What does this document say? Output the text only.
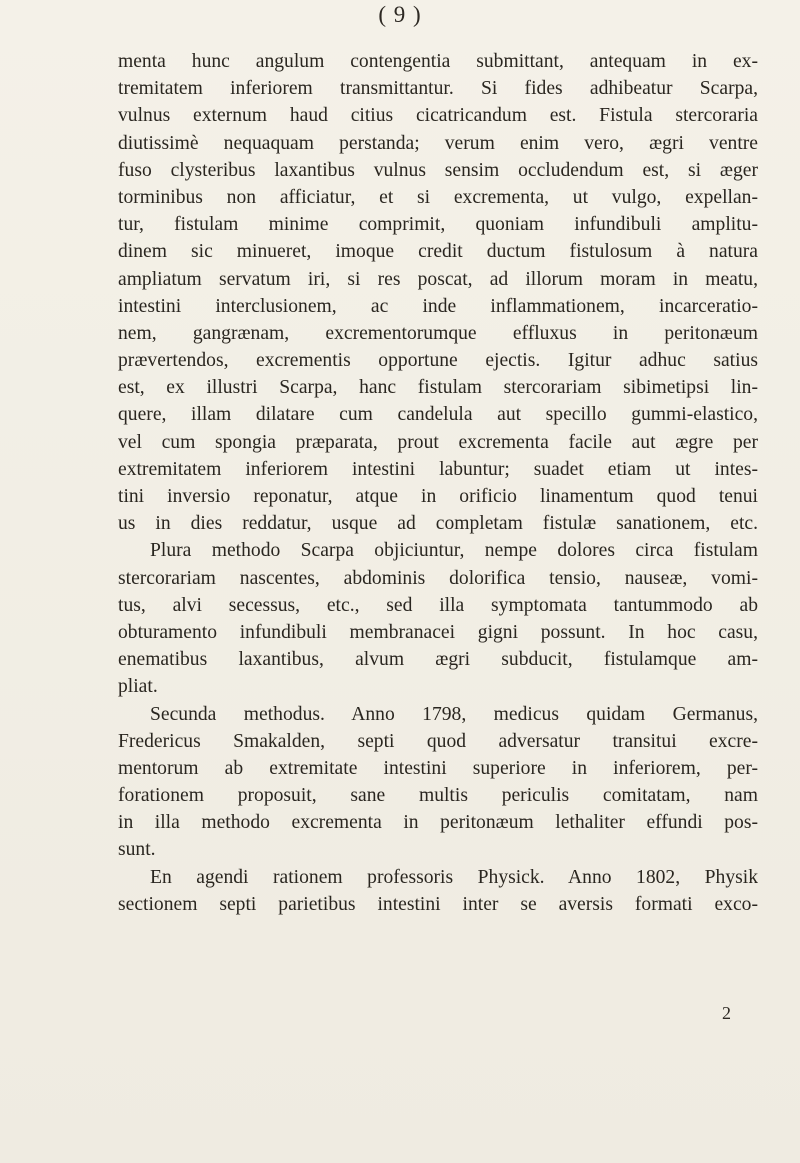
( 9 )
menta hunc angulum contengentia submittant, antequam in ex-
tremitatem inferiorem transmittantur. Si fides adhibeatur Scarpa,
vulnus externum haud citius cicatricandum est. Fistula stercoraria
diutissimè nequaquam perstanda; verum enim vero, ægri ventre
fuso clysteribus laxantibus vulnus sensim occludendum est, si æger
torminibus non afficiatur, et si excrementa, ut vulgo, expellan-
tur, fistulam minime comprimit, quoniam infundibuli amplitu-
dinem sic minueret, imoque credit ductum fistulosum à natura
ampliatum servatum iri, si res poscat, ad illorum moram in meatu,
intestini interclusionem, ac inde inflammationem, incarceratio-
nem, gangrænam, excrementorumque effluxus in peritonæum
prævertendos, excrementis opportune ejectis. Igitur adhuc satius
est, ex illustri Scarpa, hanc fistulam stercorariam sibimetipsi lin-
quere, illam dilatare cum candelula aut specillo gummi-elastico,
vel cum spongia præparata, prout excrementa facile aut ægre per
extremitatem inferiorem intestini labuntur; suadet etiam ut intes-
tini inversio reponatur, atque in orificio linamentum quod tenui
us in dies reddatur, usque ad completam fistulæ sanationem, etc.
Plura methodo Scarpa objiciuntur, nempe dolores circa fistulam
stercorariam nascentes, abdominis dolorifica tensio, nauseæ, vomi-
tus, alvi secessus, etc., sed illa symptomata tantummodo ab
obturamento infundibuli membranacei gigni possunt. In hoc casu,
enematibus laxantibus, alvum ægri subducit, fistulamque am-
pliat.
Secunda methodus. Anno 1798, medicus quidam Germanus,
Fredericus Smakalden, septi quod adversatur transitui excre-
mentorum ab extremitate intestini superiore in inferiorem, per-
forationem proposuit, sane multis periculis comitatam, nam
in illa methodo excrementa in peritonæum lethaliter effundi pos-
sunt.
En agendi rationem professoris Physick. Anno 1802, Physik
sectionem septi parietibus intestini inter se aversis formati exco-
2
